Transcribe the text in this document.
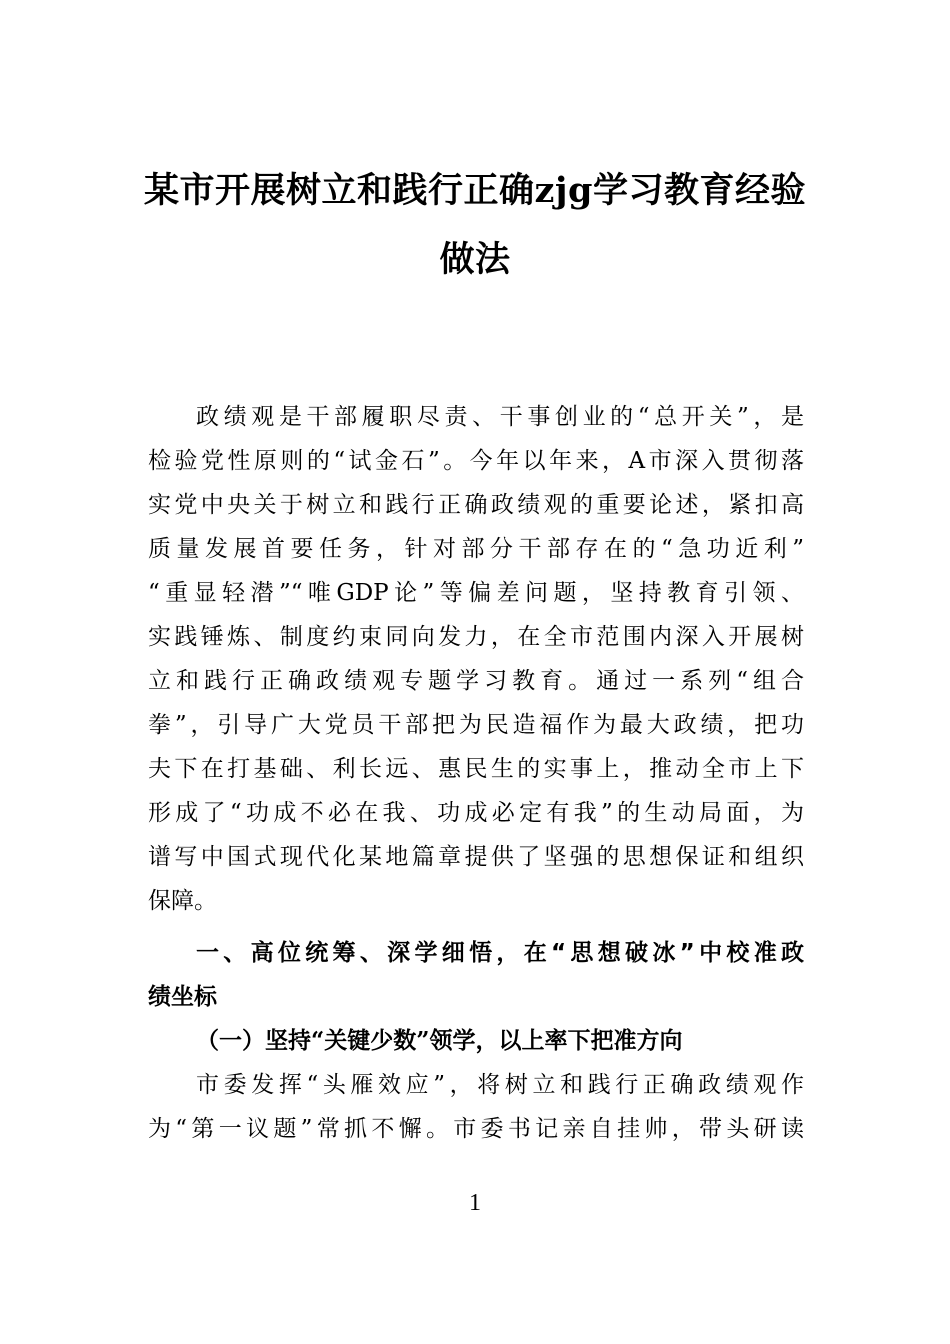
某市开展树立和践行正确zjg学习教育经验
做法
政绩观是干部履职尽责、干事创业的“总开关”，是
检验党性原则的“试金石”。今年以年来，A市深入贯彻落
实党中央关于树立和践行正确政绩观的重要论述，紧扣高
质量发展首要任务，针对部分干部存在的“急功近利”
“重显轻潜”“唯GDP论”等偏差问题，坚持教育引领、
实践锤炼、制度约束同向发力，在全市范围内深入开展树
立和践行正确政绩观专题学习教育。通过一系列“组合
拳”，引导广大党员干部把为民造福作为最大政绩，把功
夫下在打基础、利长远、惠民生的实事上，推动全市上下
形成了“功成不必在我、功成必定有我”的生动局面，为
谱写中国式现代化某地篇章提供了坚强的思想保证和组织
保障。
一、高位统筹、深学细悟，在“思想破冰”中校准政
绩坐标
（一）坚持“关键少数”领学，以上率下把准方向
市委发挥“头雁效应”，将树立和践行正确政绩观作
为“第一议题”常抓不懈。市委书记亲自挂帅，带头研读
1
